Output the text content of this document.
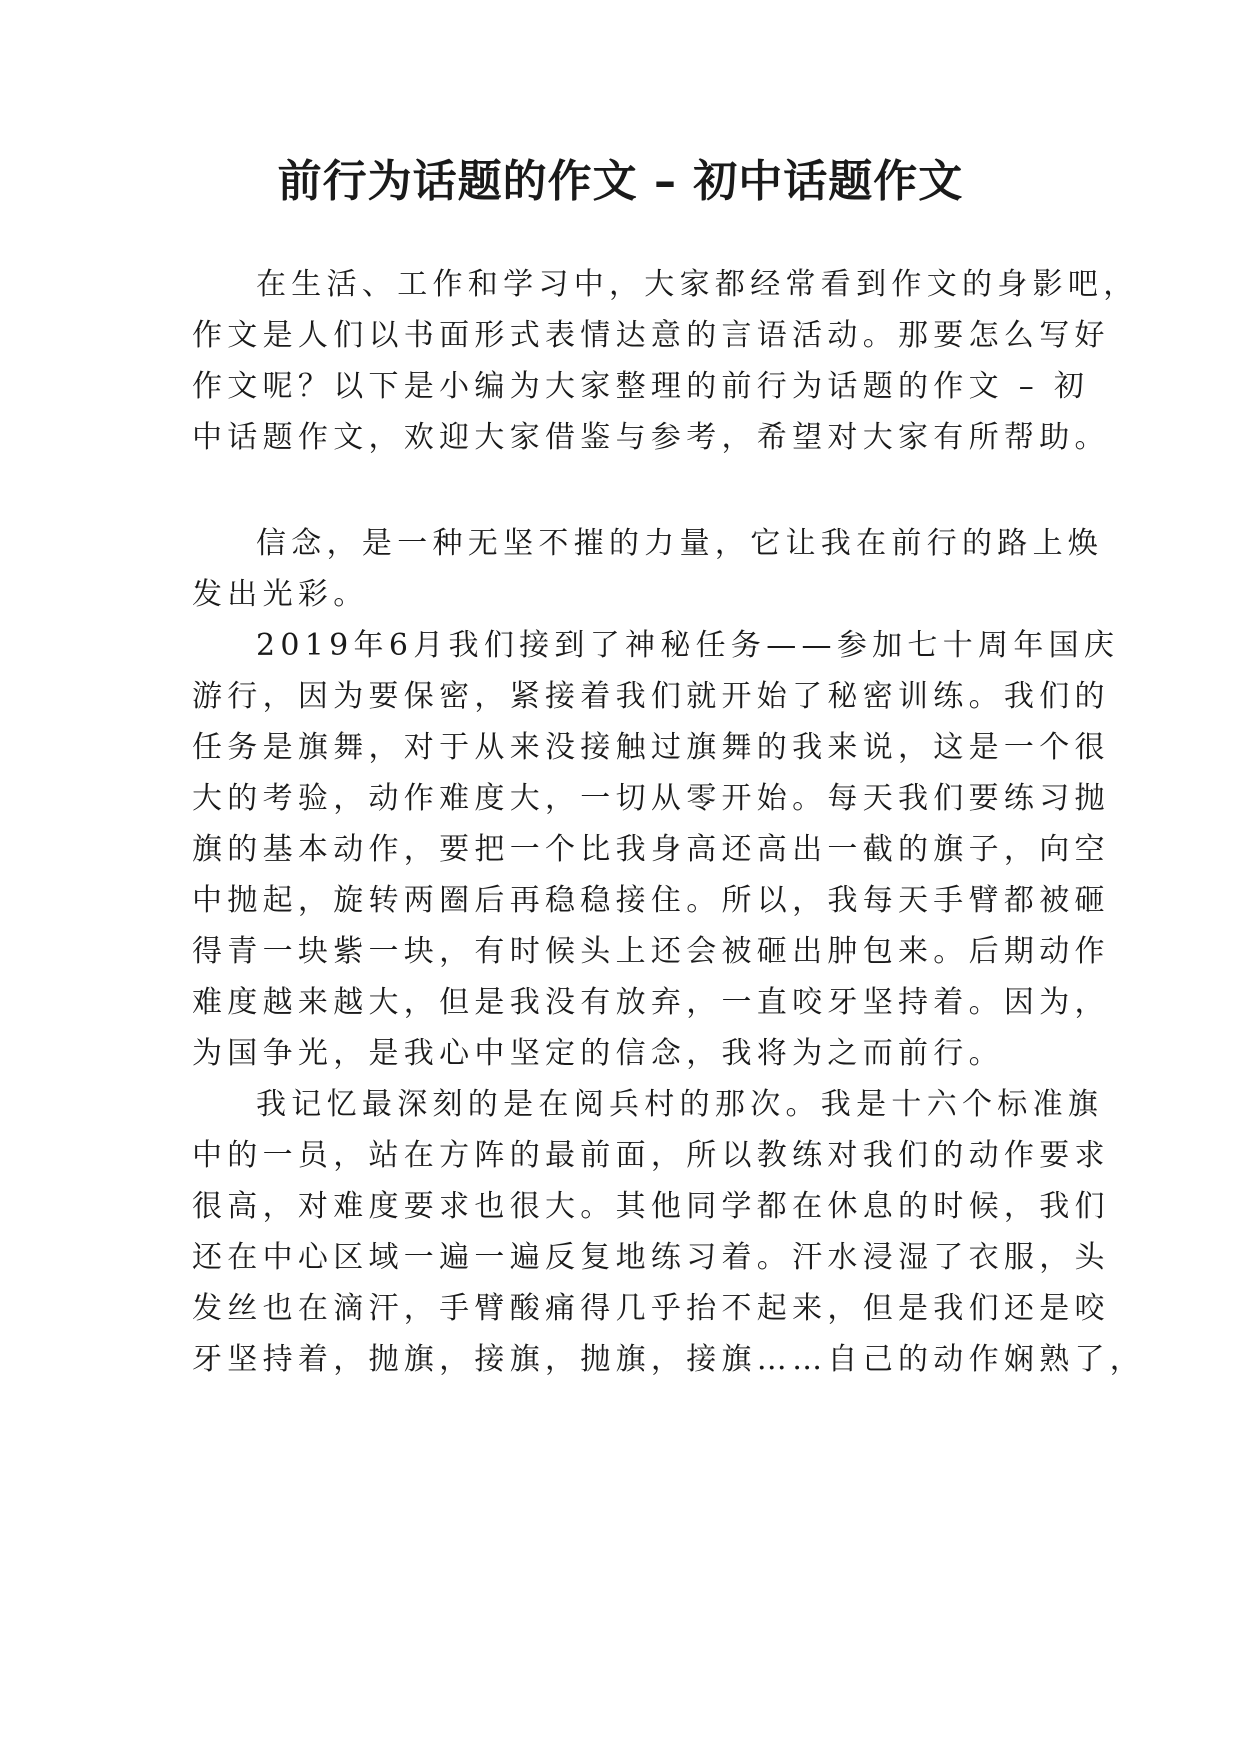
前行为话题的作文 – 初中话题作文

在生活、工作和学习中，大家都经常看到作文的身影吧，

作文是人们以书面形式表情达意的言语活动。那要怎么写好

作文呢？以下是小编为大家整理的前行为话题的作文 – 初

中话题作文，欢迎大家借鉴与参考，希望对大家有所帮助。

信念，是一种无坚不摧的力量，它让我在前行的路上焕

发出光彩。

2019年6月我们接到了神秘任务——参加七十周年国庆

游行，因为要保密，紧接着我们就开始了秘密训练。我们的

任务是旗舞，对于从来没接触过旗舞的我来说，这是一个很

大的考验，动作难度大，一切从零开始。每天我们要练习抛

旗的基本动作，要把一个比我身高还高出一截的旗子，向空

中抛起，旋转两圈后再稳稳接住。所以，我每天手臂都被砸

得青一块紫一块，有时候头上还会被砸出肿包来。后期动作

难度越来越大，但是我没有放弃，一直咬牙坚持着。因为，

为国争光，是我心中坚定的信念，我将为之而前行。

我记忆最深刻的是在阅兵村的那次。我是十六个标准旗

中的一员，站在方阵的最前面，所以教练对我们的动作要求

很高，对难度要求也很大。其他同学都在休息的时候，我们

还在中心区域一遍一遍反复地练习着。汗水浸湿了衣服，头

发丝也在滴汗，手臂酸痛得几乎抬不起来，但是我们还是咬

牙坚持着，抛旗，接旗，抛旗，接旗……自己的动作娴熟了，
